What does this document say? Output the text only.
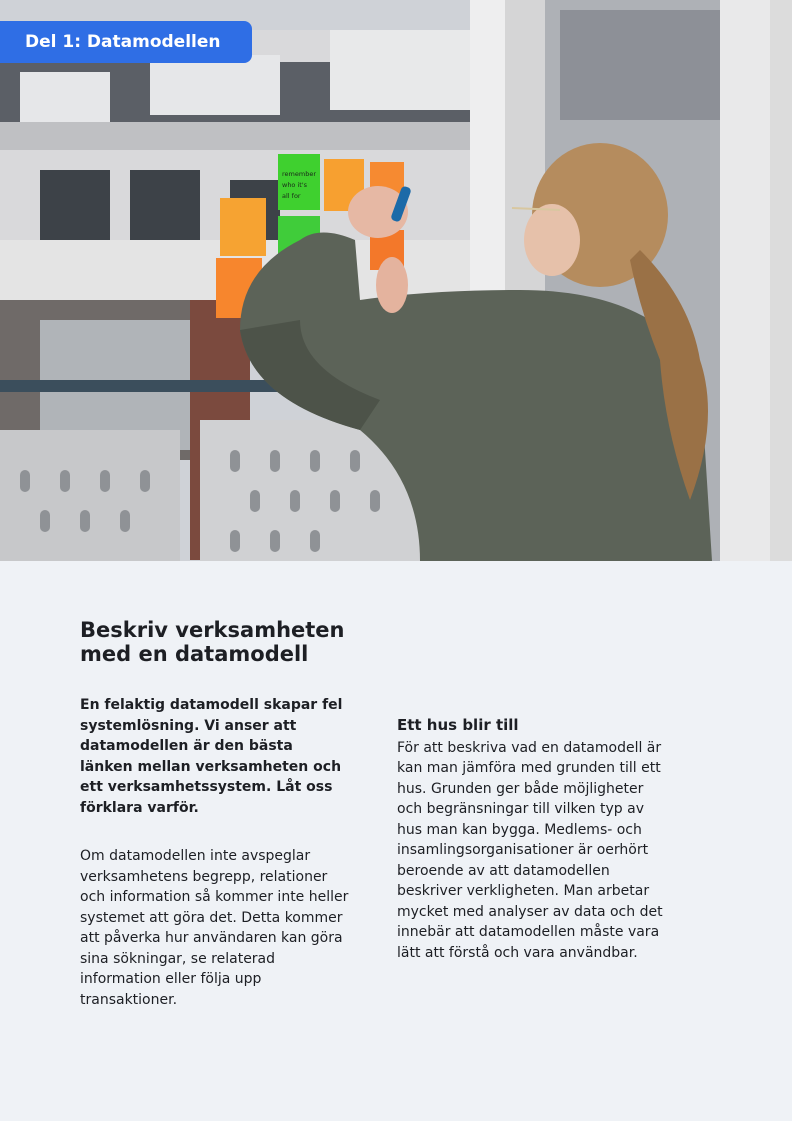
remember
who it's
all for
Del 1: Datamodellen
Beskriv verksamheten med en datamodell

En felaktig datamodell skapar fel systemlösning. Vi anser att datamodellen är den bästa länken mellan verksamheten och ett verksamhetssystem. Låt oss förklara varför.

Om datamodellen inte avspeglar verksamhetens begrepp, relationer och information så kommer inte heller systemet att göra det. Detta kommer att påverka hur användaren kan göra sina sökningar, se relaterad information eller följa upp transaktioner.

Ett hus blir till

För att beskriva vad en datamodell är kan man jämföra med grunden till ett hus. Grunden ger både möjligheter och begränsningar till vilken typ av hus man kan bygga. Medlems- och insamlingsorganisationer är oerhört beroende av att datamodellen beskriver verkligheten. Man arbetar mycket med analyser av data och det innebär att datamodellen måste vara lätt att förstå och vara användbar.
